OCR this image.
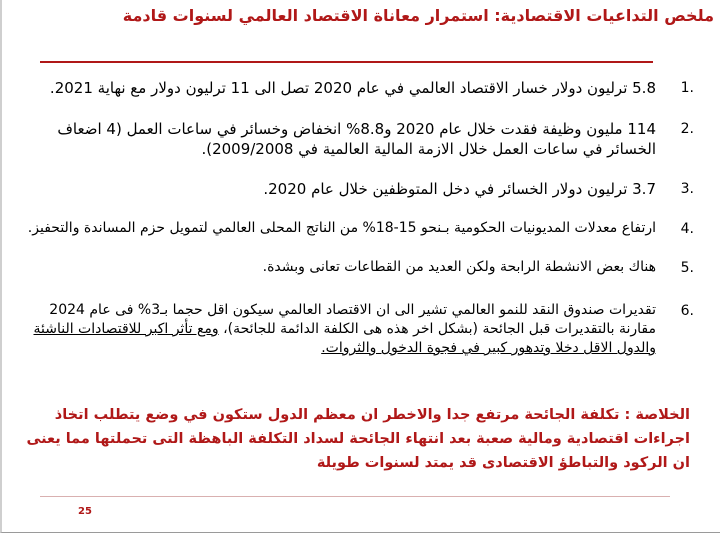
ملخص التداعيات الاقتصادية: استمرار معاناة الاقتصاد العالمي لسنوات قادمة
.1
5.8 ترليون دولار خسار الاقتصاد العالمي في عام 2020 تصل الى 11 ترليون دولار مع نهاية 2021.
.2
114 مليون وظيفة فقدت خلال عام 2020 و8.8% انخفاض وخسائر في ساعات العمل (4 اضعاف الخسائر في ساعات العمل خلال الازمة المالية العالمية في 2009/2008).
.3
3.7 ترليون دولار الخسائر في دخل المتوظفين خلال عام 2020.
.4
ارتفاع معدلات المديونيات الحكومية بـنحو 15-18% من الناتج المحلى العالمي لتمويل حزم المساندة والتحفيز.
.5
هناك بعض الانشطة الرابحة ولكن العديد من القطاعات تعانى وبشدة.
.6
تقديرات صندوق النقد للنمو العالمي تشير الى ان الاقتصاد العالمي سيكون اقل حجما بـ3% فى عام 2024 مقارنة بالتقديرات قبل الجائحة (بشكل اخر هذه هى الكلفة الدائمة للجائحة)، ومع تأثر اكبر للاقتصادات الناشئة والدول الاقل دخلا وتدهور كبير في فجوة الدخول والثروات.
الخلاصة : تكلفة الجائحة مرتفع جدا والاخطر ان معظم الدول ستكون في وضع يتطلب اتخاذ اجراءات اقتصادية ومالية صعبة بعد انتهاء الجائحة لسداد التكلفة الباهظة التى تحملتها مما يعنى ان الركود والتباطؤ الاقتصادى قد يمتد لسنوات طويلة
25
